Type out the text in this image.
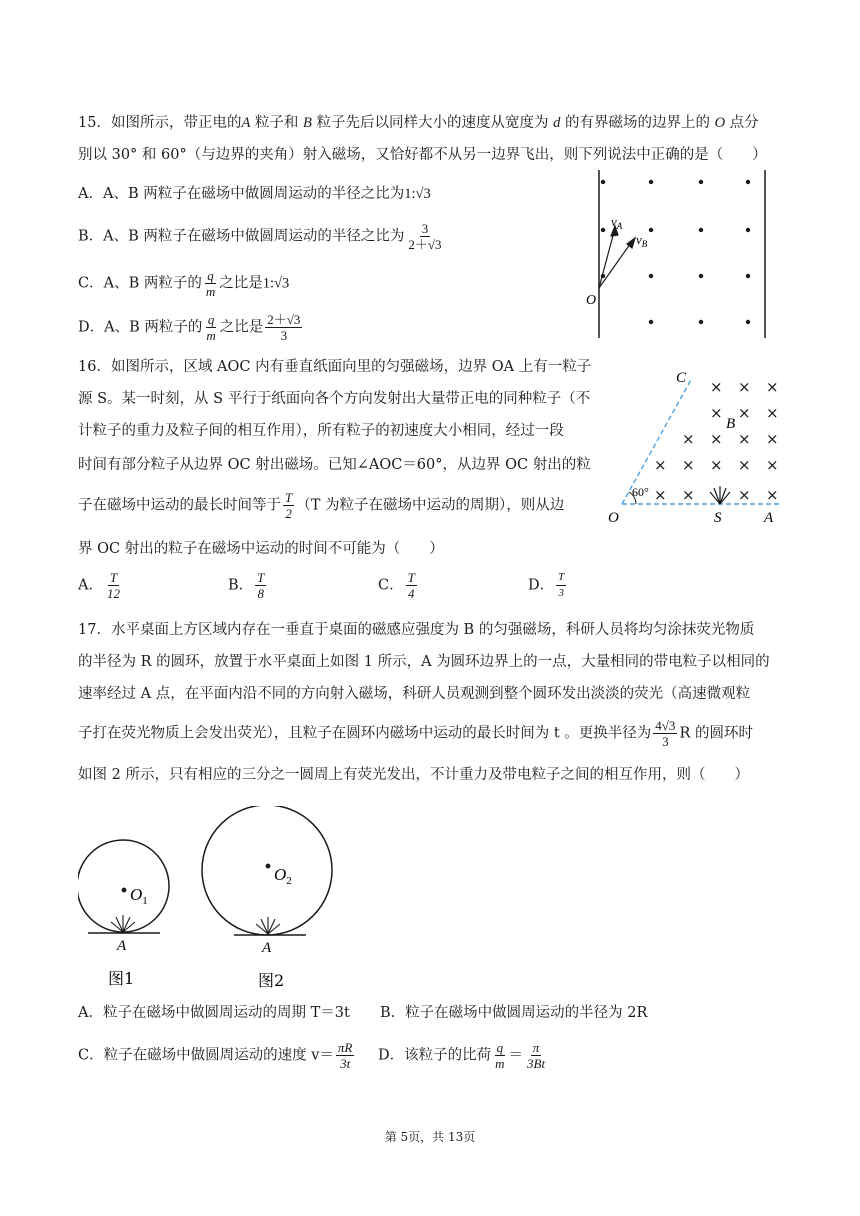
15．如图所示，带正电的A 粒子和 B 粒子先后以同样大小的速度从宽度为 d 的有界磁场的边界上的 O 点分
别以 30° 和 60°（与边界的夹角）射入磁场，又恰好都不从另一边界飞出，则下列说法中正确的是（　　）
A．A、B 两粒子在磁场中做圆周运动的半径之比为1:√3
B．A、B 两粒子在磁场中做圆周运动的半径之比为 $\frac{3}{2+√3}$
C．A、B 两粒子的 $\frac{q}{m}$ 之比是1:√3
D．A、B 两粒子的 $\frac{q}{m}$ 之比是 $\frac{2+√3}{3}$
$v_A$
$v_B$
O
16．如图所示，区域 AOC 内有垂直纸面向里的匀强磁场，边界 OA 上有一粒子
源 S。某一时刻，从 S 平行于纸面向各个方向发射出大量带正电的同种粒子（不
计粒子的重力及粒子间的相互作用），所有粒子的初速度大小相同，经过一段
时间有部分粒子从边界 OC 射出磁场。已知∠AOC＝60°，从边界 OC 射出的粒
子在磁场中运动的最长时间等于 $\frac{T}{2} (T$ 为粒子在磁场中运动的周期），则从边
界 OC 射出的粒子在磁场中运动的时间不可能为（　　）
A． $\frac{T}{12}$	B． $\frac{T}{8}$	C． $\frac{T}{4}$	D． $\frac{T}{3}$
× × ×
× × ×
× × × ×
× × × × ×
×
×	× ×
C
B
60°
O	S	A
17．水平桌面上方区域内存在一垂直于桌面的磁感应强度为 B 的匀强磁场，科研人员将均匀涂抹荧光物质
的半径为 R 的圆环，放置于水平桌面上如图 1 所示，A 为圆环边界上的一点，大量相同的带电粒子以相同的
速率经过 A 点，在平面内沿不同的方向射入磁场，科研人员观测到整个圆环发出淡淡的荧光（高速微观粒
子打在荧光物质上会发出荧光），且粒子在圆环内磁场中运动的最长时间为 t 。更换半径为 $\frac{4√3}{3}$ R 的圆环时
如图 2 所示，只有相应的三分之一圆周上有荧光发出，不计重力及带电粒子之间的相互作用，则（　　）
$O_1$
A
图1
$O_2$
A
图2
A．粒子在磁场中做圆周运动的周期 T＝3t B．粒子在磁场中做圆周运动的半径为 2R
C．粒子在磁场中做圆周运动的速度 $v= \frac{\pi R}{3t}$ D．该粒子的比荷 $\frac{q}{m} = \frac{\pi}{3Bt}$
第 5页，共 13页
